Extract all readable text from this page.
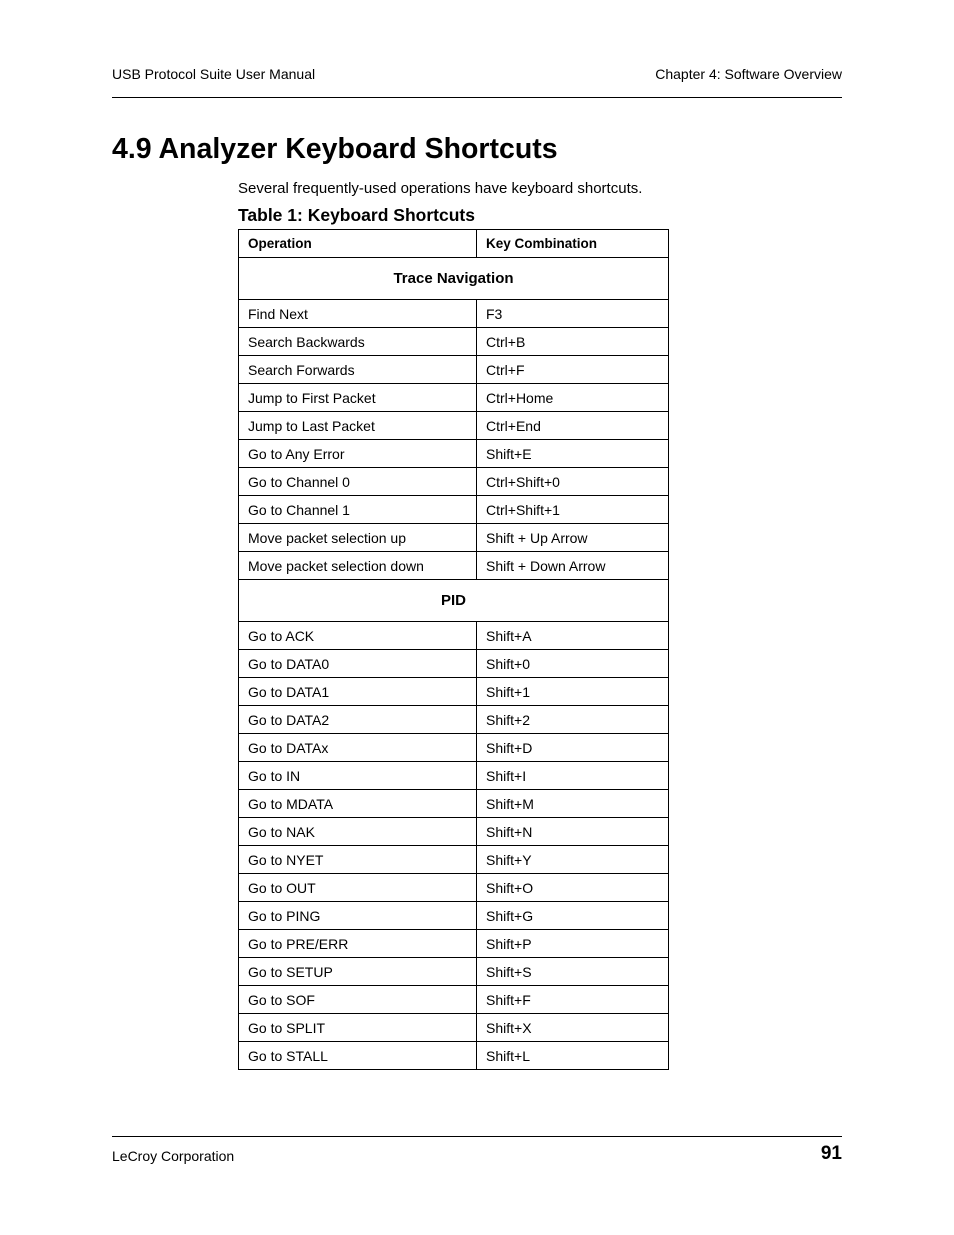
USB Protocol Suite User Manual	Chapter 4: Software Overview
4.9 Analyzer Keyboard Shortcuts
Several frequently-used operations have keyboard shortcuts.
Table 1: Keyboard Shortcuts
Operation	Key Combination
Trace Navigation	
Find Next	F3
Search Backwards	Ctrl+B
Search Forwards	Ctrl+F
Jump to First Packet	Ctrl+Home
Jump to Last Packet	Ctrl+End
Go to Any Error	Shift+E
Go to Channel 0	Ctrl+Shift+0
Go to Channel 1	Ctrl+Shift+1
Move packet selection up	Shift + Up Arrow
Move packet selection down	Shift + Down Arrow
PID	
Go to ACK	Shift+A
Go to DATA0	Shift+0
Go to DATA1	Shift+1
Go to DATA2	Shift+2
Go to DATAx	Shift+D
Go to IN	Shift+I
Go to MDATA	Shift+M
Go to NAK	Shift+N
Go to NYET	Shift+Y
Go to OUT	Shift+O
Go to PING	Shift+G
Go to PRE/ERR	Shift+P
Go to SETUP	Shift+S
Go to SOF	Shift+F
Go to SPLIT	Shift+X
Go to STALL	Shift+L
LeCroy Corporation	91
